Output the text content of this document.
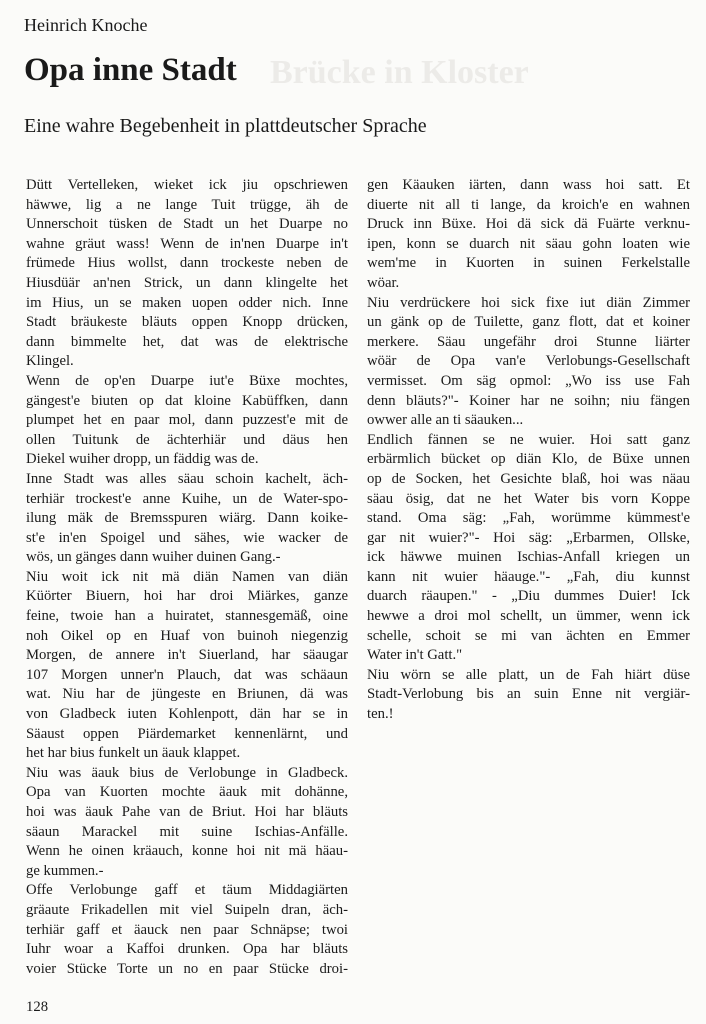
Brücke in Kloster
Heinrich Knoche
Opa inne Stadt
Eine wahre Begebenheit in plattdeutscher Sprache

Dütt Vertelleken, wieket ick jiu opschriewen

häwwe, lig a ne lange Tuit trügge, äh de

Unnerschoit tüsken de Stadt un het Duarpe no

wahne gräut wass! Wenn de in'nen Duarpe in't

frümede Hius wollst, dann trockeste neben de

Hiusdüär an'nen Strick, un dann klingelte het

im Hius, un se maken uopen odder nich. Inne

Stadt bräukeste bläuts oppen Knopp drücken,

dann bimmelte het, dat was de elektrische

Klingel.

Wenn de op'en Duarpe iut'e Büxe mochtes,

gängest'e biuten op dat kloine Kabüffken, dann

plumpet het en paar mol, dann puzzest'e mit de

ollen Tuitunk de ächterhiär und däus hen

Diekel wuiher dropp, un fäddig was de.

Inne Stadt was alles säau schoin kachelt, äch-

terhiär trockest'e anne Kuihe, un de Water-spo-

ilung mäk de Bremsspuren wiärg. Dann koike-

st'e in'en Spoigel und sähes, wie wacker de

wös, un gänges dann wuiher duinen Gang.-

Niu woit ick nit mä diän Namen van diän

Küörter Biuern, hoi har droi Miärkes, ganze

feine, twoie han a huiratet, stannesgemäß, oine

noh Oikel op en Huaf von buinoh niegenzig

Morgen, de annere in't Siuerland, har säaugar

107 Morgen unner'n Plauch, dat was schäaun

wat. Niu har de jüngeste en Briunen, dä was

von Gladbeck iuten Kohlenpott, dän har se in

Säaust oppen Piärdemarket kennenlärnt, und

het har bius funkelt un äauk klappet.

Niu was äauk bius de Verlobunge in Gladbeck.

Opa van Kuorten mochte äauk mit dohänne,

hoi was äauk Pahe van de Briut. Hoi har bläuts

säaun Marackel mit suine Ischias-Anfälle.

Wenn he oinen kräauch, konne hoi nit mä häau-

ge kummen.-

Offe Verlobunge gaff et täum Middagiärten

gräaute Frikadellen mit viel Suipeln dran, äch-

terhiär gaff et äauck nen paar Schnäpse; twoi

Iuhr woar a Kaffoi drunken. Opa har bläuts

voier Stücke Torte un no en paar Stücke droi-

gen Käauken iärten, dann wass hoi satt. Et

diuerte nit all ti lange, da kroich'e en wahnen

Druck inn Büxe. Hoi dä sick dä Fuärte verknu-

ipen, konn se duarch nit säau gohn loaten wie

wem'me in Kuorten in suinen Ferkelstalle

wöar.

Niu verdrückere hoi sick fixe iut diän Zimmer

un gänk op de Tuilette, ganz flott, dat et koiner

merkere. Säau ungefähr droi Stunne liärter

wöär de Opa van'e Verlobungs-Gesellschaft

vermisset. Om säg opmol: „Wo iss use Fah

denn bläuts?"- Koiner har ne soihn; niu fängen

owwer alle an ti säauken...

Endlich fännen se ne wuier. Hoi satt ganz

erbärmlich bücket op diän Klo, de Büxe unnen

op de Socken, het Gesichte blaß, hoi was näau

säau ösig, dat ne het Water bis vorn Koppe

stand. Oma säg: „Fah, worümme kümmest'e

gar nit wuier?"- Hoi säg: „Erbarmen, Ollske,

ick häwwe muinen Ischias-Anfall kriegen un

kann nit wuier häauge."- „Fah, diu kunnst

duarch räaupen." - „Diu dummes Duier! Ick

hewwe a droi mol schellt, un ümmer, wenn ick

schelle, schoit se mi van ächten en Emmer

Water in't Gatt."

Niu wörn se alle platt, un de Fah hiärt düse

Stadt-Verlobung bis an suin Enne nit vergiär-

ten.!

128
